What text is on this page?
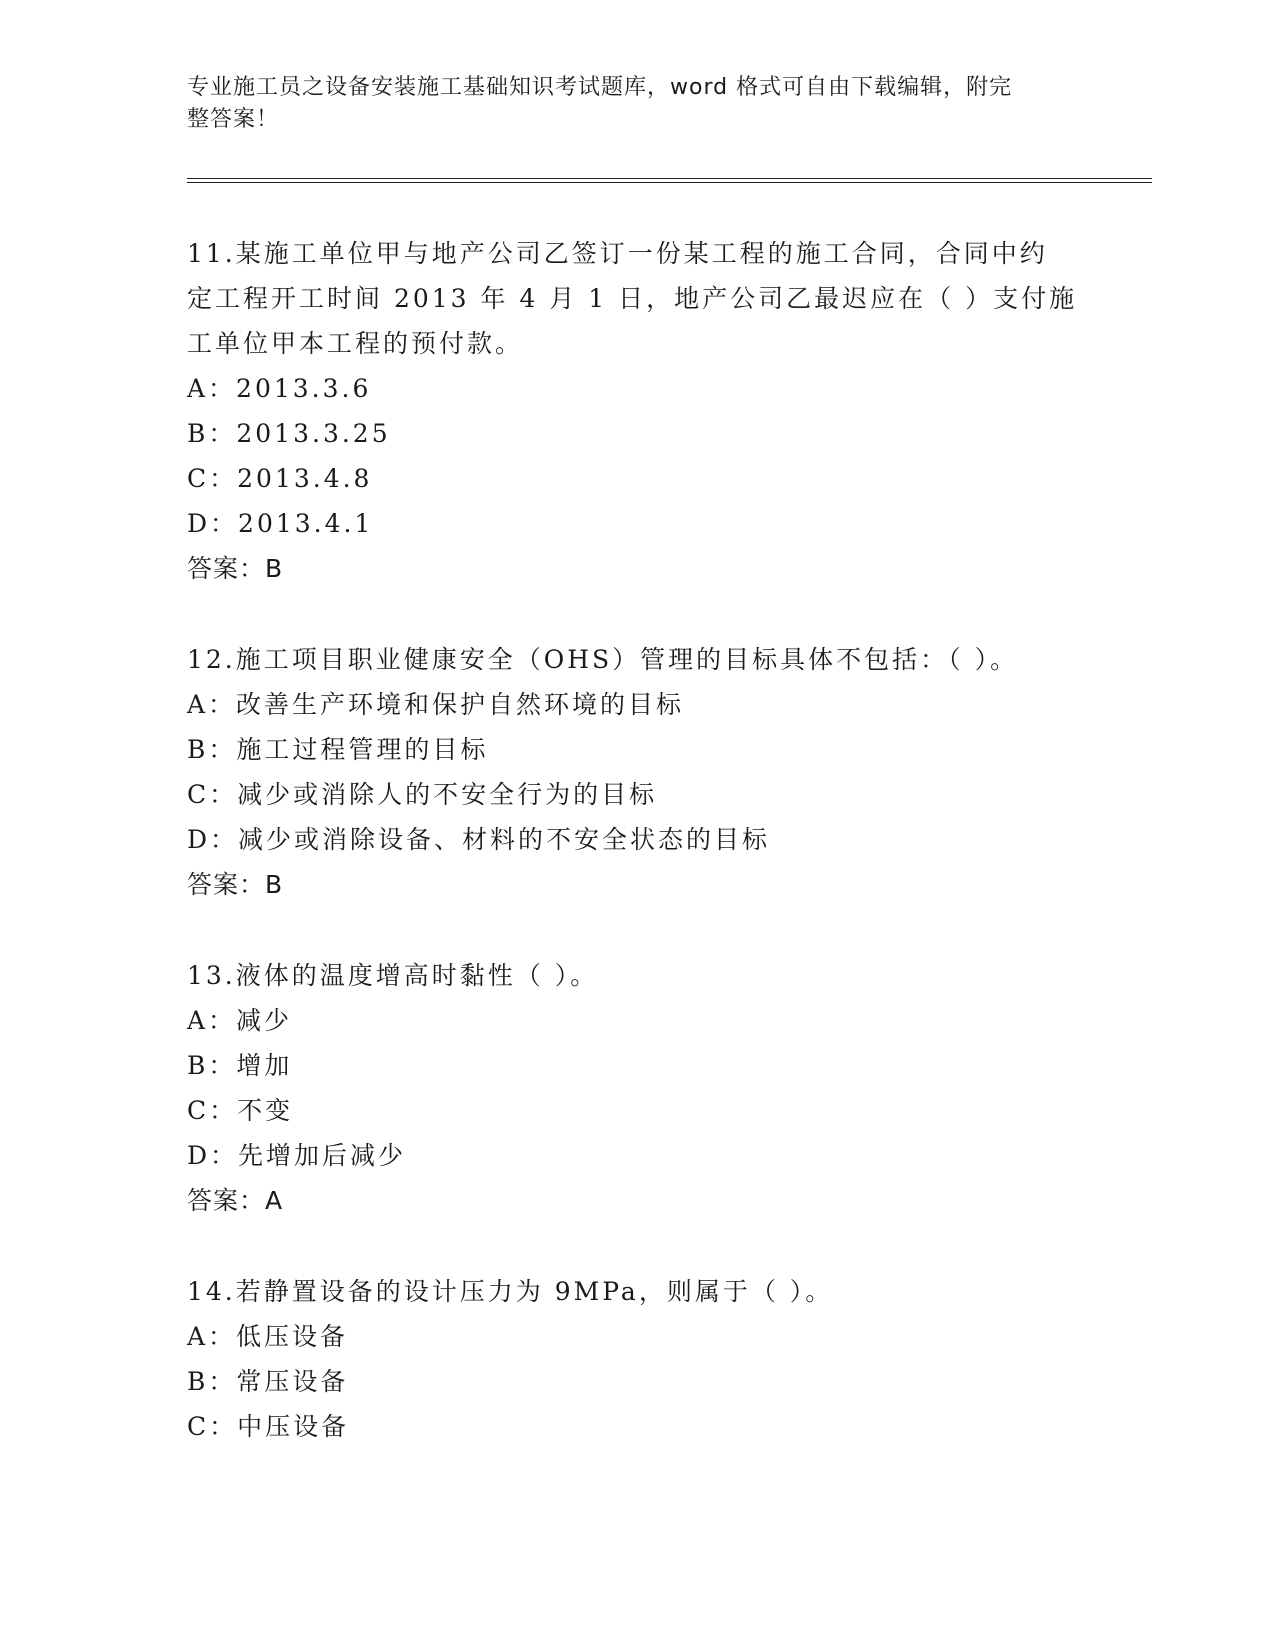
专业施工员之设备安装施工基础知识考试题库，word 格式可自由下载编辑，附完
整答案！
11.某施工单位甲与地产公司乙签订一份某工程的施工合同，合同中约
定工程开工时间 2013 年 4 月 1 日，地产公司乙最迟应在（ ）支付施
工单位甲本工程的预付款。
A：2013.3.6
B：2013.3.25
C：2013.4.8
D：2013.4.1
答案：B
12.施工项目职业健康安全（OHS）管理的目标具体不包括：（ ）。
A：改善生产环境和保护自然环境的目标
B：施工过程管理的目标
C：减少或消除人的不安全行为的目标
D：减少或消除设备、材料的不安全状态的目标
答案：B
13.液体的温度增高时黏性（ ）。
A：减少
B：增加
C：不变
D：先增加后减少
答案：A
14.若静置设备的设计压力为 9MPa，则属于（ ）。
A：低压设备
B：常压设备
C：中压设备
